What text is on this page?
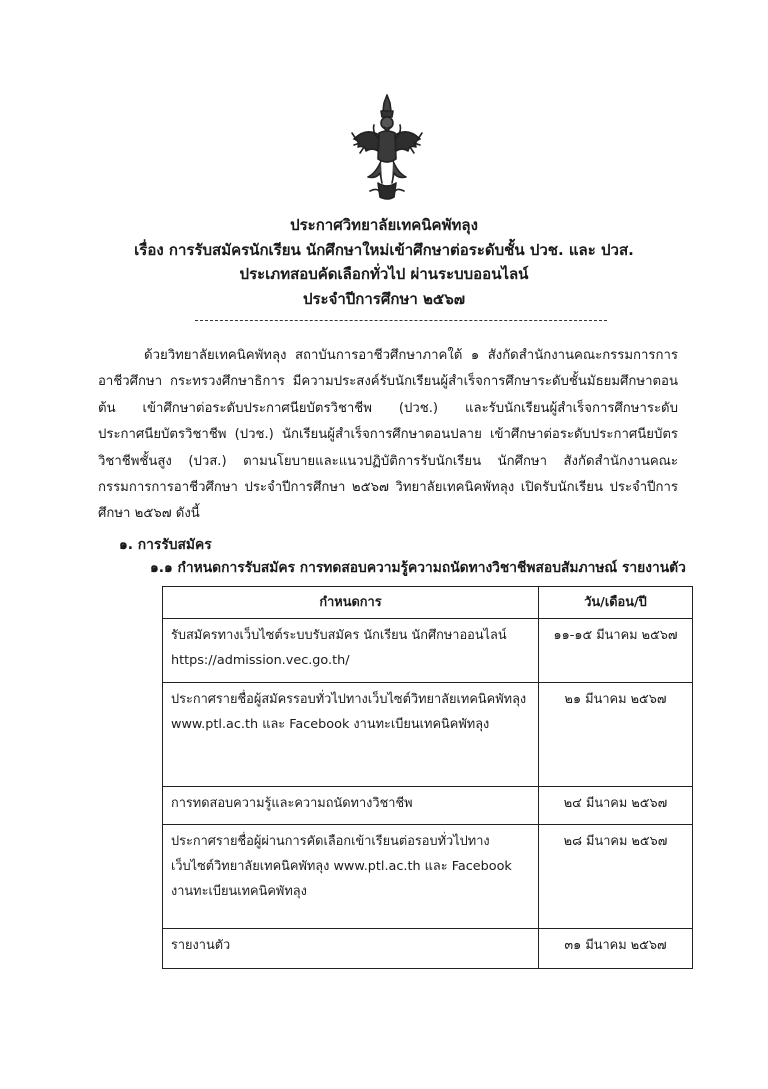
ประกาศวิทยาลัยเทคนิคพัทลุง
เรื่อง การรับสมัครนักเรียน นักศึกษาใหม่เข้าศึกษาต่อระดับชั้น ปวช. และ ปวส.
ประเภทสอบคัดเลือกทั่วไป ผ่านระบบออนไลน์
ประจำปีการศึกษา ๒๕๖๗

ด้วยวิทยาลัยเทคนิคพัทลุง สถาบันการอาชีวศึกษาภาคใต้ ๑ สังกัดสำนักงานคณะกรรมการการอาชีวศึกษา กระทรวงศึกษาธิการ มีความประสงค์รับนักเรียนผู้สำเร็จการศึกษาระดับชั้นมัธยมศึกษาตอนต้น เข้าศึกษาต่อระดับประกาศนียบัตรวิชาชีพ (ปวช.) และรับนักเรียนผู้สำเร็จการศึกษาระดับประกาศนียบัตรวิชาชีพ (ปวช.) นักเรียนผู้สำเร็จการศึกษาตอนปลาย เข้าศึกษาต่อระดับประกาศนียบัตรวิชาชีพชั้นสูง (ปวส.) ตามนโยบายและแนวปฏิบัติการรับนักเรียน นักศึกษา สังกัดสำนักงานคณะกรรมการการอาชีวศึกษา ประจำปีการศึกษา ๒๕๖๗ วิทยาลัยเทคนิคพัทลุง เปิดรับนักเรียน ประจำปีการศึกษา ๒๕๖๗ ดังนี้

๑. การรับสมัคร
๑.๑ กำหนดการรับสมัคร การทดสอบความรู้ความถนัดทางวิชาชีพสอบสัมภาษณ์ รายงานตัว
กำหนดการ	วัน/เดือน/ปี
รับสมัครทางเว็บไซต์ระบบรับสมัคร นักเรียน นักศึกษาออนไลน์ https://admission.vec.go.th/	๑๑-๑๕ มีนาคม ๒๕๖๗
ประกาศรายชื่อผู้สมัครรอบทั่วไปทางเว็บไซต์วิทยาลัยเทคนิคพัทลุง www.ptl.ac.th และ Facebook งานทะเบียนเทคนิคพัทลุง	๒๑ มีนาคม ๒๕๖๗
การทดสอบความรู้และความถนัดทางวิชาชีพ	๒๔ มีนาคม ๒๕๖๗
ประกาศรายชื่อผู้ผ่านการคัดเลือกเข้าเรียนต่อรอบทั่วไปทางเว็บไซต์วิทยาลัยเทคนิคพัทลุง www.ptl.ac.th และ Facebook งานทะเบียนเทคนิคพัทลุง	๒๘ มีนาคม ๒๕๖๗
รายงานตัว	๓๑ มีนาคม ๒๕๖๗
